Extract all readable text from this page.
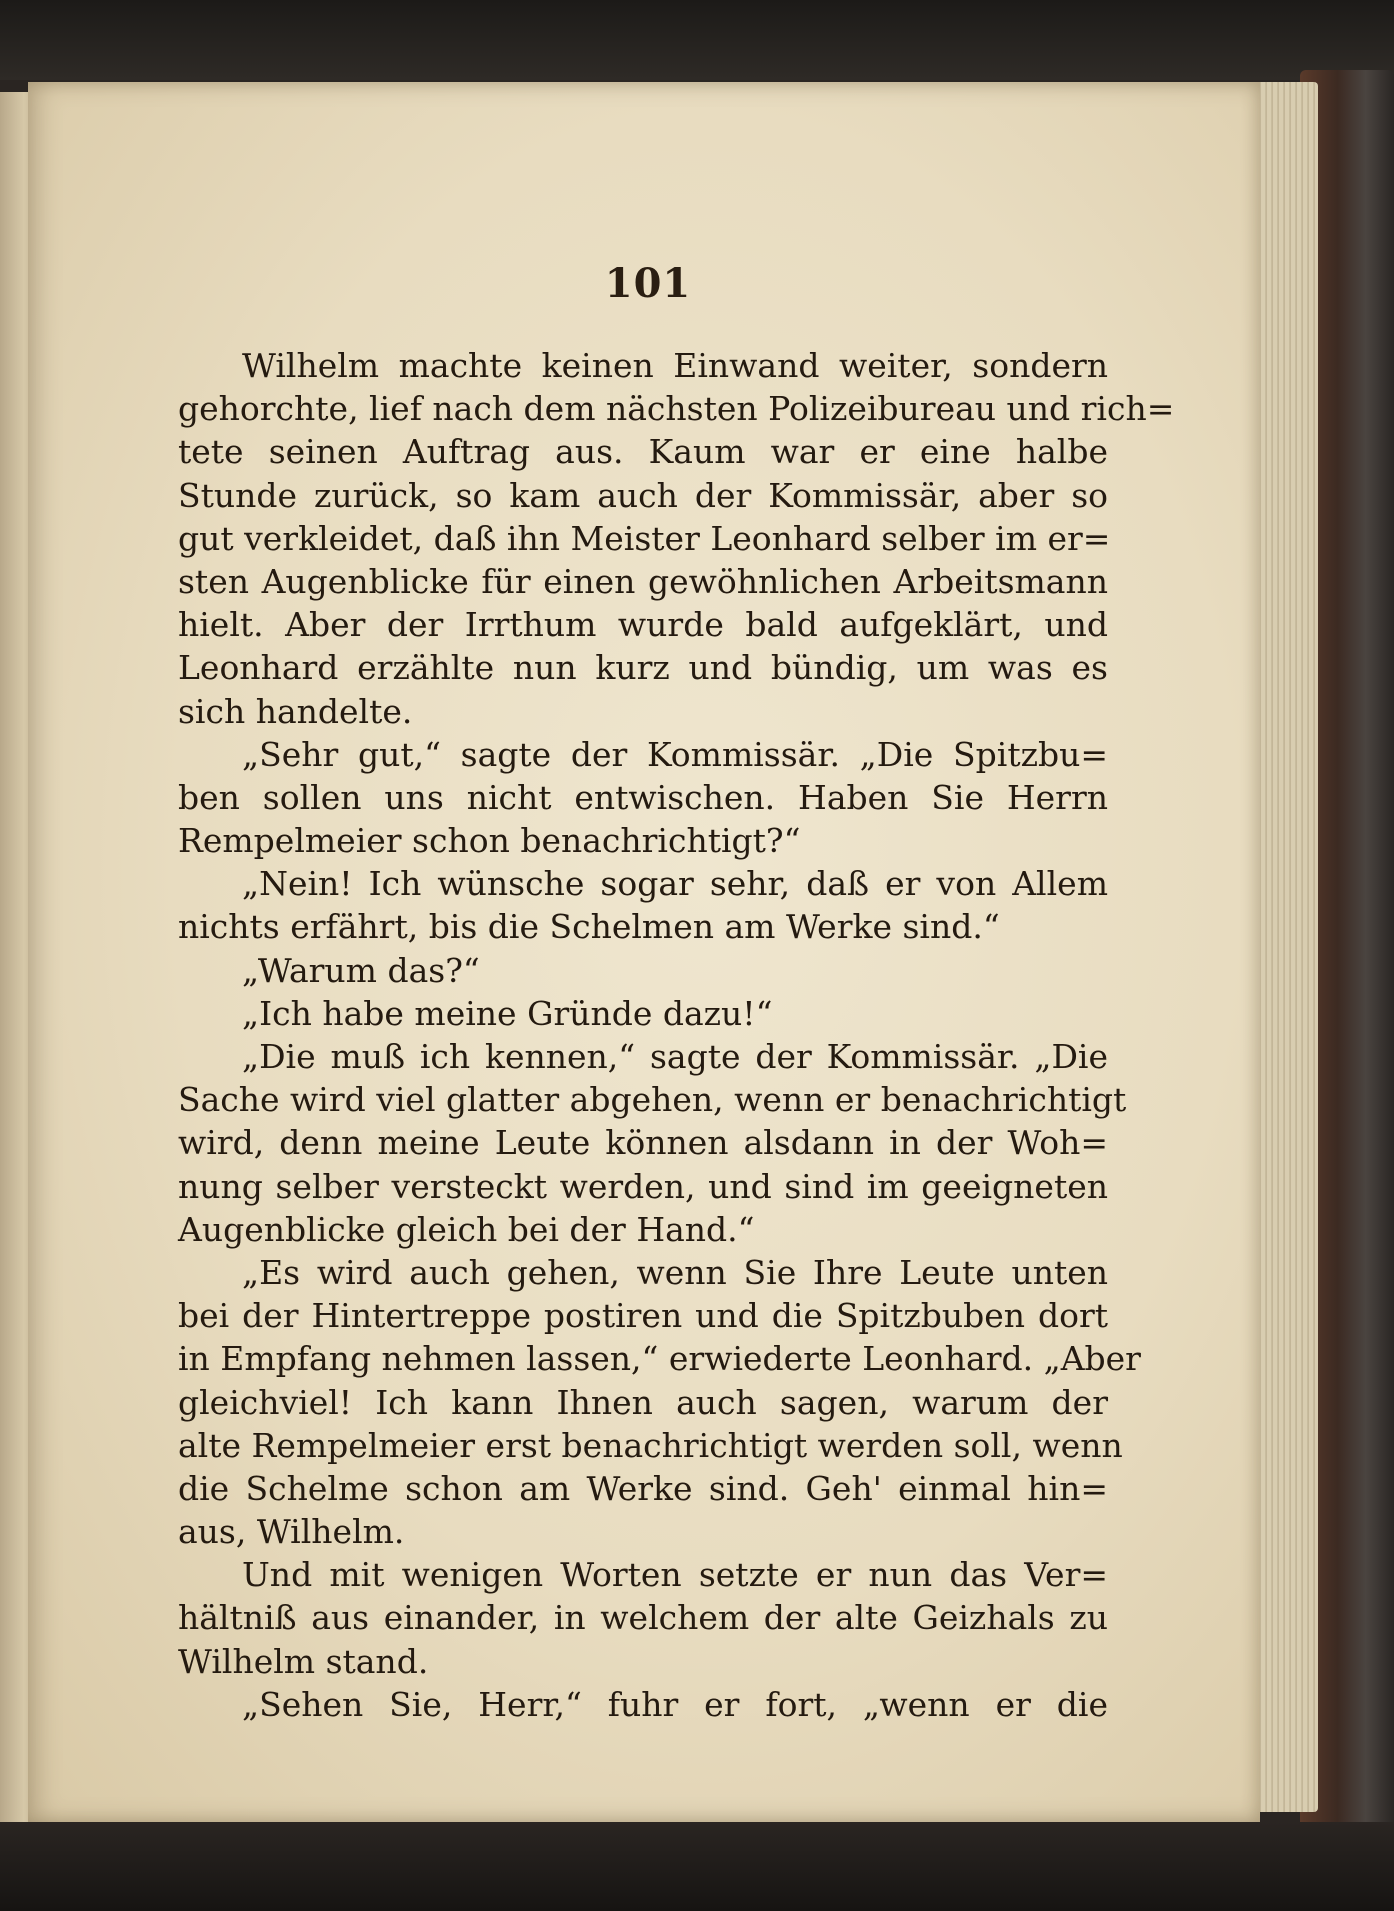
101
Wilhelm machte keinen Einwand weiter, sondern
gehorchte, lief nach dem nächsten Polizeibureau und rich=
tete seinen Auftrag aus. Kaum war er eine halbe
Stunde zurück, so kam auch der Kommissär, aber so
gut verkleidet, daß ihn Meister Leonhard selber im er=
sten Augenblicke für einen gewöhnlichen Arbeitsmann
hielt. Aber der Irrthum wurde bald aufgeklärt, und
Leonhard erzählte nun kurz und bündig, um was es
sich handelte.
„Sehr gut,“ sagte der Kommissär. „Die Spitzbu=
ben sollen uns nicht entwischen. Haben Sie Herrn
Rempelmeier schon benachrichtigt?“
„Nein! Ich wünsche sogar sehr, daß er von Allem
nichts erfährt, bis die Schelmen am Werke sind.“
„Warum das?“
„Ich habe meine Gründe dazu!“
„Die muß ich kennen,“ sagte der Kommissär. „Die
Sache wird viel glatter abgehen, wenn er benachrichtigt
wird, denn meine Leute können alsdann in der Woh=
nung selber versteckt werden, und sind im geeigneten
Augenblicke gleich bei der Hand.“
„Es wird auch gehen, wenn Sie Ihre Leute unten
bei der Hintertreppe postiren und die Spitzbuben dort
in Empfang nehmen lassen,“ erwiederte Leonhard. „Aber
gleichviel! Ich kann Ihnen auch sagen, warum der
alte Rempelmeier erst benachrichtigt werden soll, wenn
die Schelme schon am Werke sind. Geh' einmal hin=
aus, Wilhelm.
Und mit wenigen Worten setzte er nun das Ver=
hältniß aus einander, in welchem der alte Geizhals zu
Wilhelm stand.
„Sehen Sie, Herr,“ fuhr er fort, „wenn er die
